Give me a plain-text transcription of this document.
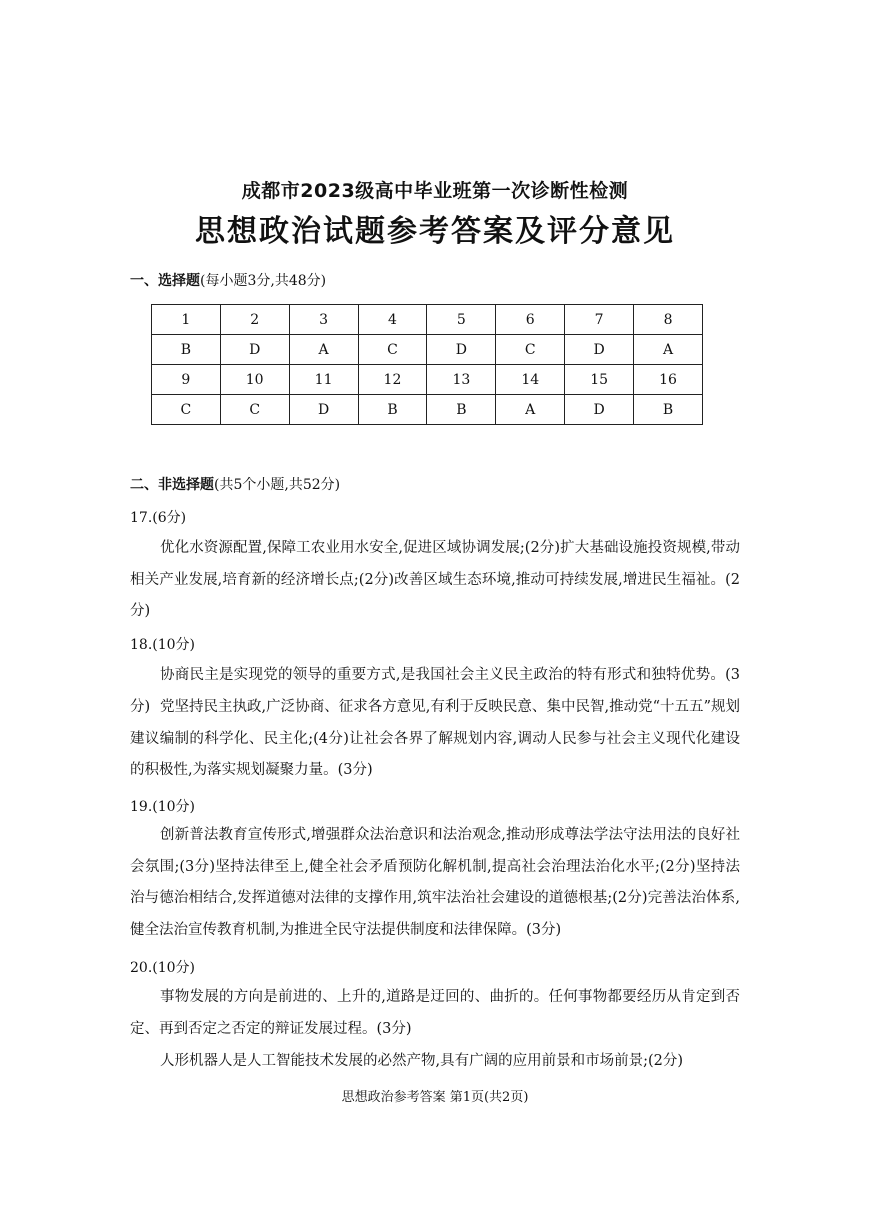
成都市2023级高中毕业班第一次诊断性检测
思想政治试题参考答案及评分意见
一、选择题(每小题3分,共48分)
1	2	3	4	5	6	7	8
B	D	A	C	D	C	D	A
9	10	11	12	13	14	15	16
C	C	D	B	B	A	D	B
二、非选择题(共5个小题,共52分)
17.(6分)
优化水资源配置,保障工农业用水安全,促进区域协调发展;(2分)扩大基础设施投资规模,带动相关产业发展,培育新的经济增长点;(2分)改善区域生态环境,推动可持续发展,增进民生福祉。(2分)
18.(10分)
协商民主是实现党的领导的重要方式,是我国社会主义民主政治的特有形式和独特优势。(3分) 党坚持民主执政,广泛协商、征求各方意见,有利于反映民意、集中民智,推动党“十五五”规划建议编制的科学化、民主化;(4分)让社会各界了解规划内容,调动人民参与社会主义现代化建设的积极性,为落实规划凝聚力量。(3分)
19.(10分)
创新普法教育宣传形式,增强群众法治意识和法治观念,推动形成尊法学法守法用法的良好社会氛围;(3分)坚持法律至上,健全社会矛盾预防化解机制,提高社会治理法治化水平;(2分)坚持法治与德治相结合,发挥道德对法律的支撑作用,筑牢法治社会建设的道德根基;(2分)完善法治体系,健全法治宣传教育机制,为推进全民守法提供制度和法律保障。(3分)
20.(10分)
事物发展的方向是前进的、上升的,道路是迂回的、曲折的。任何事物都要经历从肯定到否定、再到否定之否定的辩证发展过程。(3分)
人形机器人是人工智能技术发展的必然产物,具有广阔的应用前景和市场前景;(2分)
思想政治参考答案 第1页(共2页)
